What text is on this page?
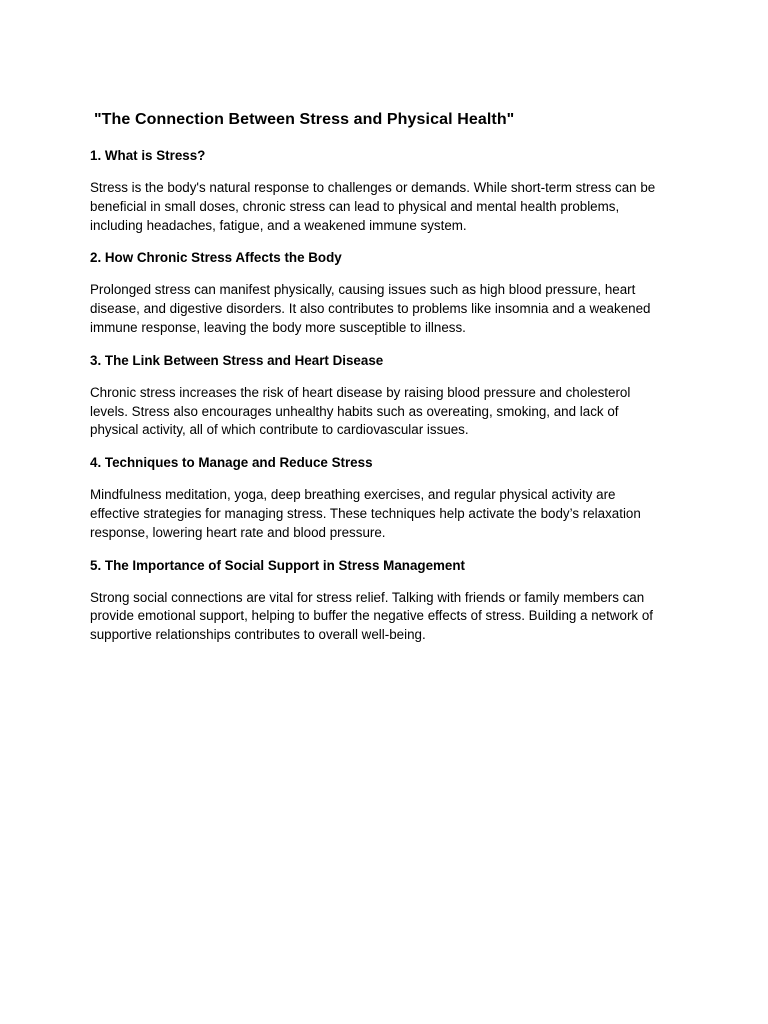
"The Connection Between Stress and Physical Health"
1. What is Stress?

Stress is the body's natural response to challenges or demands. While short-term stress can be
beneficial in small doses, chronic stress can lead to physical and mental health problems,
including headaches, fatigue, and a weakened immune system.

2. How Chronic Stress Affects the Body

Prolonged stress can manifest physically, causing issues such as high blood pressure, heart
disease, and digestive disorders. It also contributes to problems like insomnia and a weakened
immune response, leaving the body more susceptible to illness.

3. The Link Between Stress and Heart Disease

Chronic stress increases the risk of heart disease by raising blood pressure and cholesterol
levels. Stress also encourages unhealthy habits such as overeating, smoking, and lack of
physical activity, all of which contribute to cardiovascular issues.

4. Techniques to Manage and Reduce Stress

Mindfulness meditation, yoga, deep breathing exercises, and regular physical activity are
effective strategies for managing stress. These techniques help activate the body’s relaxation
response, lowering heart rate and blood pressure.

5. The Importance of Social Support in Stress Management

Strong social connections are vital for stress relief. Talking with friends or family members can
provide emotional support, helping to buffer the negative effects of stress. Building a network of
supportive relationships contributes to overall well-being.
